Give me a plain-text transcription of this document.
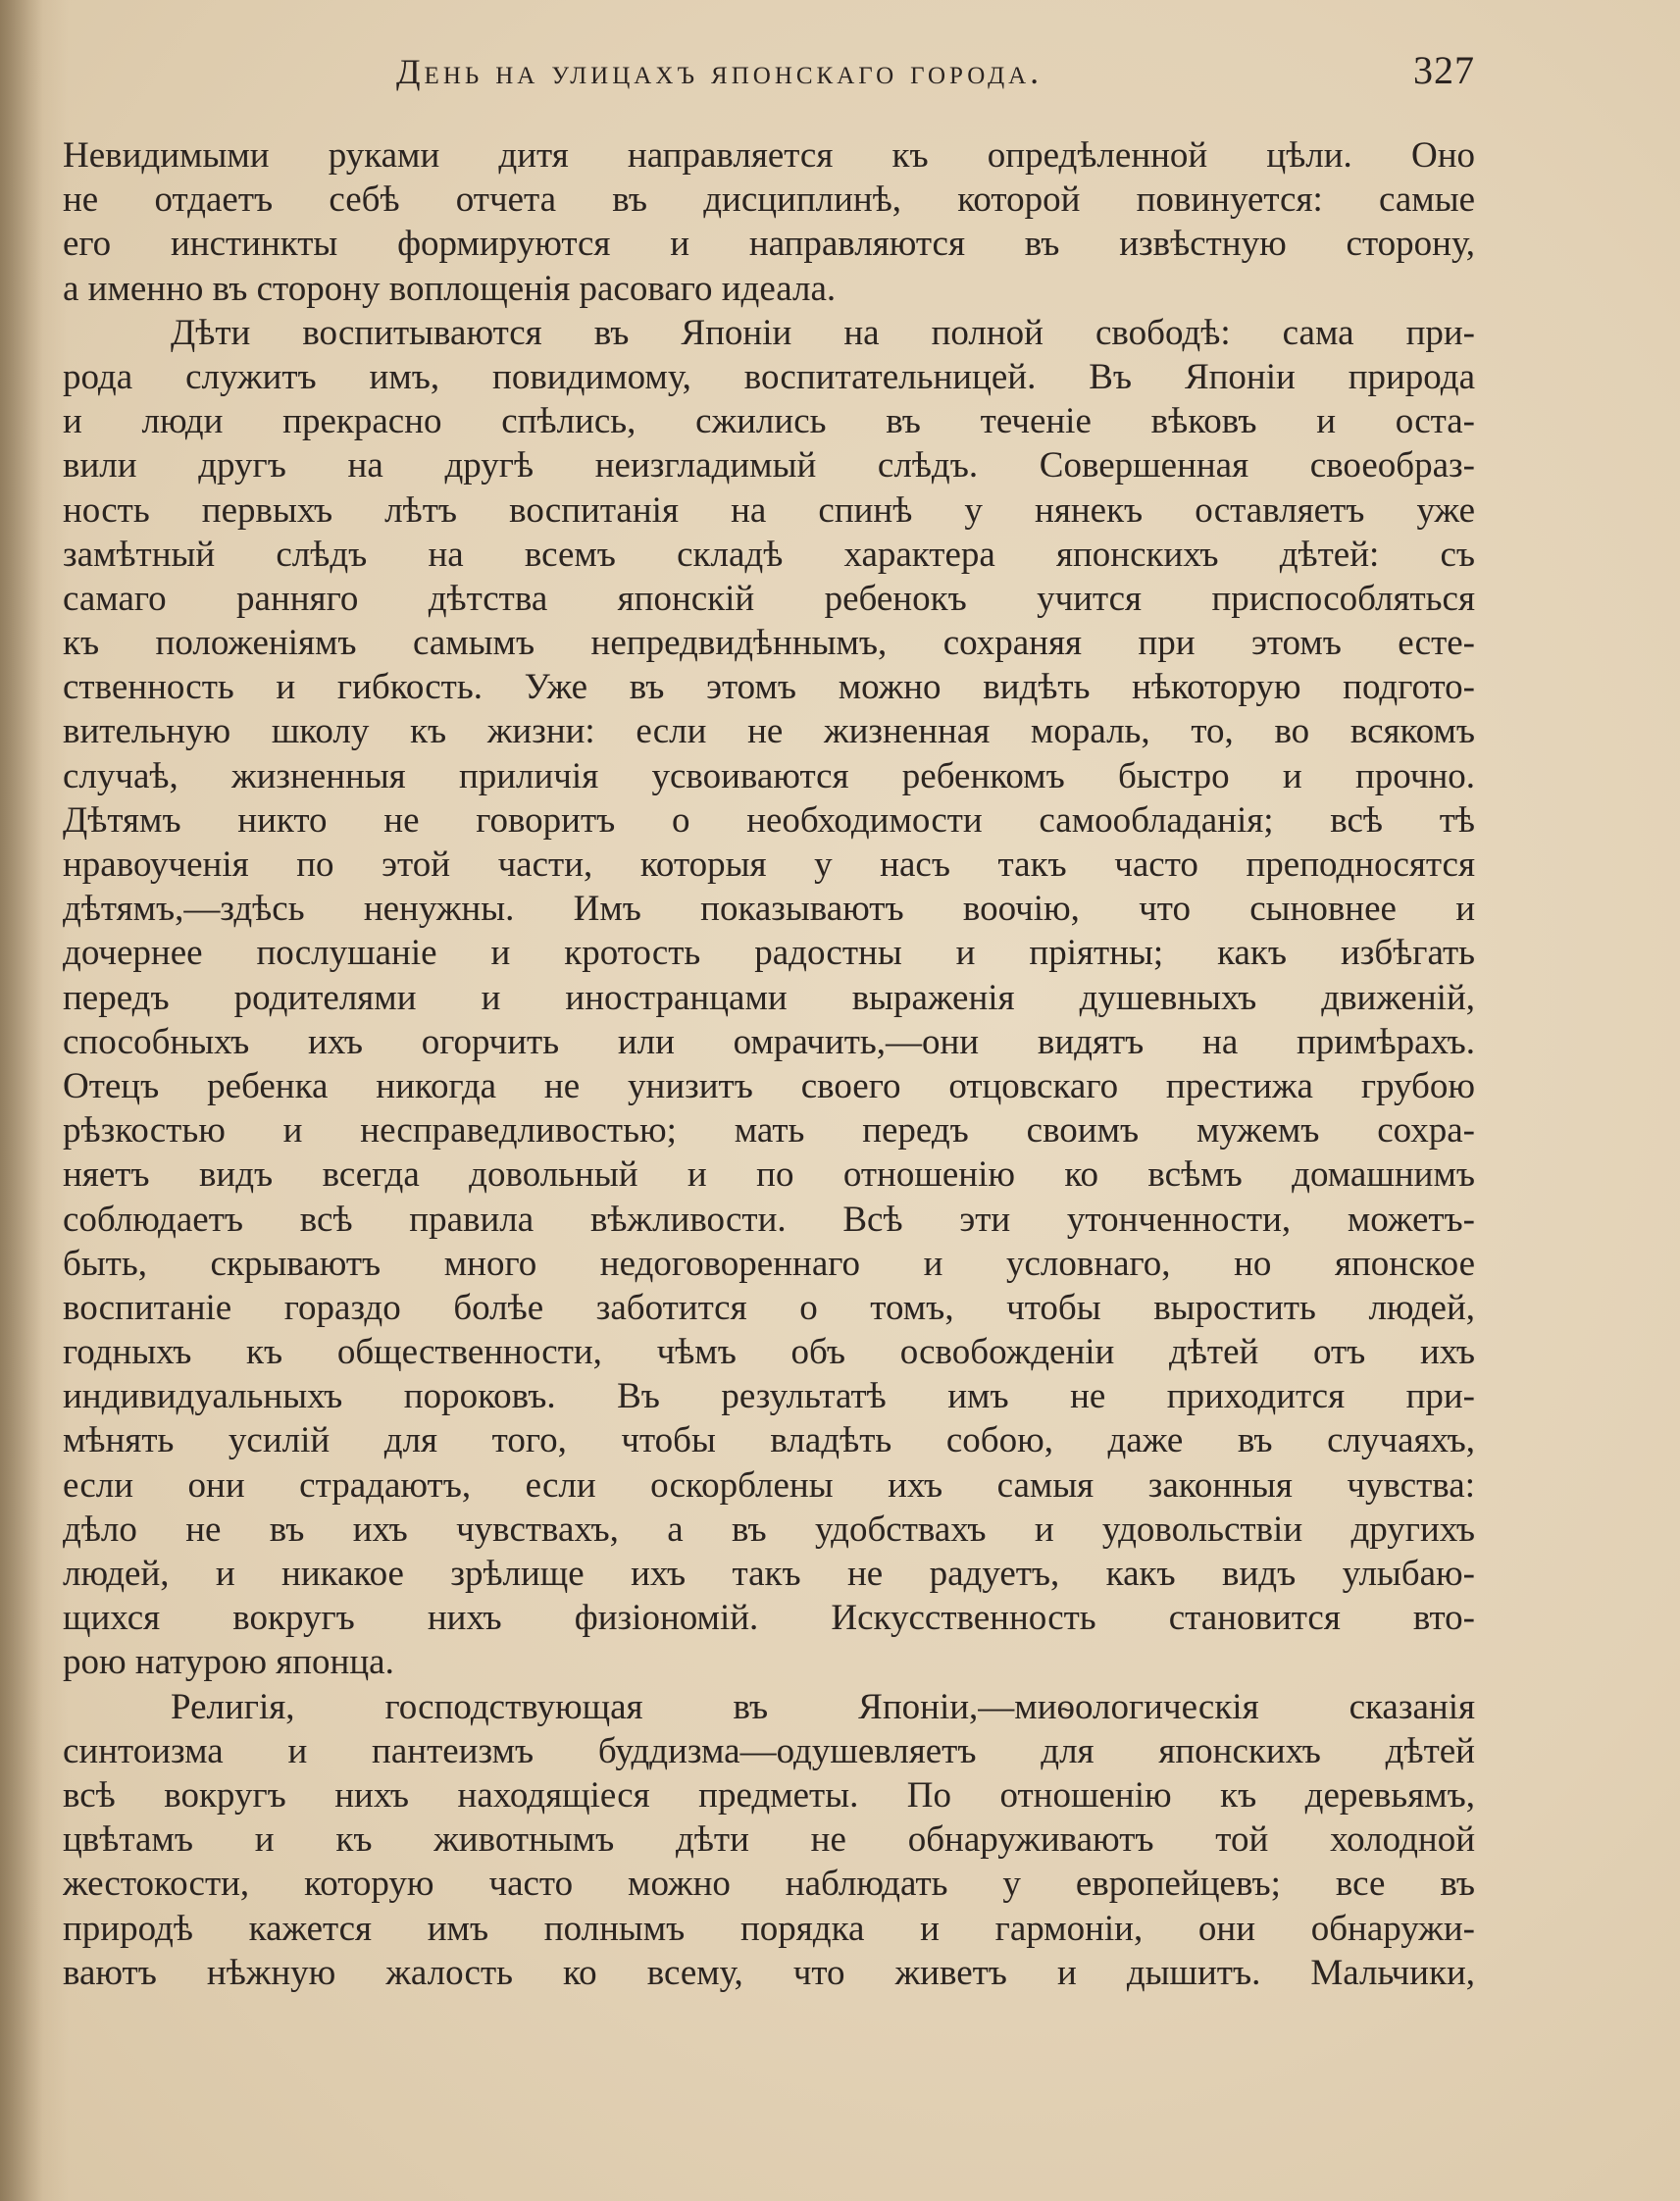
День на улицахъ японскаго города.	327
Невидимыми руками дитя направляется къ опредѣленной цѣли. Оно
не отдаетъ себѣ отчета въ дисциплинѣ, которой повинуется: самые
его инстинкты формируются и направляются въ извѣстную сторону,
а именно въ сторону воплощенія расоваго идеала.
Дѣти воспитываются въ Японіи на полной свободѣ: сама при-
рода служитъ имъ, повидимому, воспитательницей. Въ Японіи природа
и люди прекрасно спѣлись, сжились въ теченіе вѣковъ и оста-
вили другъ на другѣ неизгладимый слѣдъ. Совершенная своеобраз-
ность первыхъ лѣтъ воспитанія на спинѣ у нянекъ оставляетъ уже
замѣтный слѣдъ на всемъ складѣ характера японскихъ дѣтей: съ
самаго ранняго дѣтства японскій ребенокъ учится приспособляться
къ положеніямъ самымъ непредвидѣннымъ, сохраняя при этомъ есте-
ственность и гибкость. Уже въ этомъ можно видѣть нѣкоторую подгото-
вительную школу къ жизни: если не жизненная мораль, то, во всякомъ
случаѣ, жизненныя приличія усвоиваются ребенкомъ быстро и прочно.
Дѣтямъ никто не говоритъ о необходимости самообладанія; всѣ тѣ
нравоученія по этой части, которыя у насъ такъ часто преподносятся
дѣтямъ,—здѣсь ненужны. Имъ показываютъ воочію, что сыновнее и
дочернее послушаніе и кротость радостны и пріятны; какъ избѣгать
передъ родителями и иностранцами выраженія душевныхъ движеній,
способныхъ ихъ огорчить или омрачить,—они видятъ на примѣрахъ.
Отецъ ребенка никогда не унизитъ своего отцовскаго престижа грубою
рѣзкостью и несправедливостью; мать передъ своимъ мужемъ сохра-
няетъ видъ всегда довольный и по отношенію ко всѣмъ домашнимъ
соблюдаетъ всѣ правила вѣжливости. Всѣ эти утонченности, можетъ-
быть, скрываютъ много недоговореннаго и условнаго, но японское
воспитаніе гораздо болѣе заботится о томъ, чтобы выростить людей,
годныхъ къ общественности, чѣмъ объ освобожденіи дѣтей отъ ихъ
индивидуальныхъ пороковъ. Въ результатѣ имъ не приходится при-
мѣнять усилій для того, чтобы владѣть собою, даже въ случаяхъ,
если они страдаютъ, если оскорблены ихъ самыя законныя чувства:
дѣло не въ ихъ чувствахъ, а въ удобствахъ и удовольствіи другихъ
людей, и никакое зрѣлище ихъ такъ не радуетъ, какъ видъ улыбаю-
щихся вокругъ нихъ физіономій. Искусственность становится вто-
рою натурою японца.
Религія, господствующая въ Японіи,—миѳологическія сказанія
синтоизма и пантеизмъ буддизма—одушевляетъ для японскихъ дѣтей
всѣ вокругъ нихъ находящіеся предметы. По отношенію къ деревьямъ,
цвѣтамъ и къ животнымъ дѣти не обнаруживаютъ той холодной
жестокости, которую часто можно наблюдать у европейцевъ; все въ
природѣ кажется имъ полнымъ порядка и гармоніи, они обнаружи-
ваютъ нѣжную жалость ко всему, что живетъ и дышитъ. Мальчики,
